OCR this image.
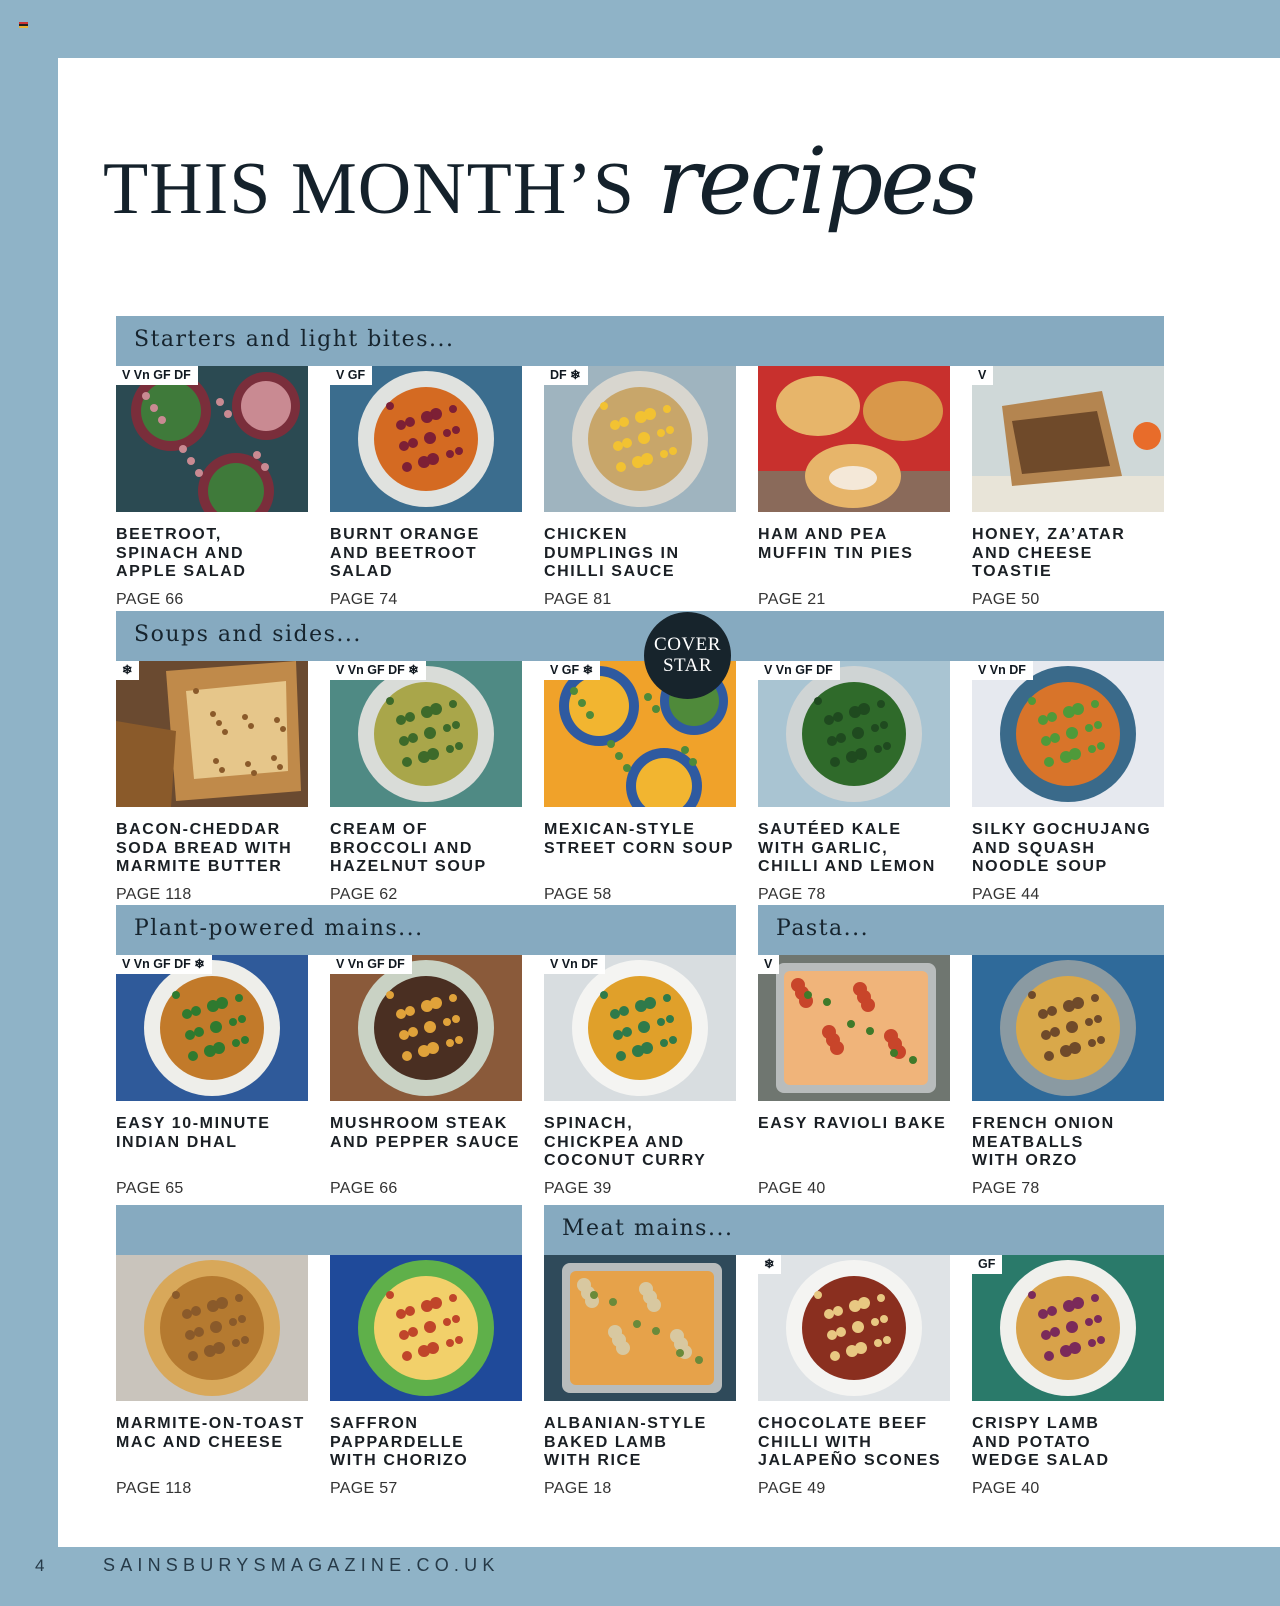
THIS MONTH’S recipes
Starters and light bites...
Soups and sides...
Plant-powered mains...	Pasta...
Meat mains...
COVER
STAR
V Vn GF DF
BEETROOT,
SPINACH AND
APPLE SALAD
PAGE 66
V GF
BURNT ORANGE
AND BEETROOT
SALAD
PAGE 74
DF ❄
CHICKEN
DUMPLINGS IN
CHILLI SAUCE
PAGE 81
HAM AND PEA
MUFFIN TIN PIES
PAGE 21
V
HONEY, ZA’ATAR
AND CHEESE
TOASTIE
PAGE 50
❄
BACON-CHEDDAR
SODA BREAD WITH
MARMITE BUTTER
PAGE 118
V Vn GF DF ❄
CREAM OF
BROCCOLI AND
HAZELNUT SOUP
PAGE 62
V GF ❄
MEXICAN-STYLE
STREET CORN SOUP
PAGE 58
V Vn GF DF
SAUTÉED KALE
WITH GARLIC,
CHILLI AND LEMON
PAGE 78
V Vn DF
SILKY GOCHUJANG
AND SQUASH
NOODLE SOUP
PAGE 44
V Vn GF DF ❄
EASY 10-MINUTE
INDIAN DHAL
PAGE 65
V Vn GF DF
MUSHROOM STEAK
AND PEPPER SAUCE
PAGE 66
V Vn DF
SPINACH,
CHICKPEA AND
COCONUT CURRY
PAGE 39
V
EASY RAVIOLI BAKE
PAGE 40
FRENCH ONION
MEATBALLS
WITH ORZO
PAGE 78
MARMITE-ON-TOAST
MAC AND CHEESE
PAGE 118
SAFFRON
PAPPARDELLE
WITH CHORIZO
PAGE 57
ALBANIAN-STYLE
BAKED LAMB
WITH RICE
PAGE 18
❄
CHOCOLATE BEEF
CHILLI WITH
JALAPEÑO SCONES
PAGE 49
GF
CRISPY LAMB
AND POTATO
WEDGE SALAD
PAGE 40
4	SAINSBURYSMAGAZINE.CO.UK
